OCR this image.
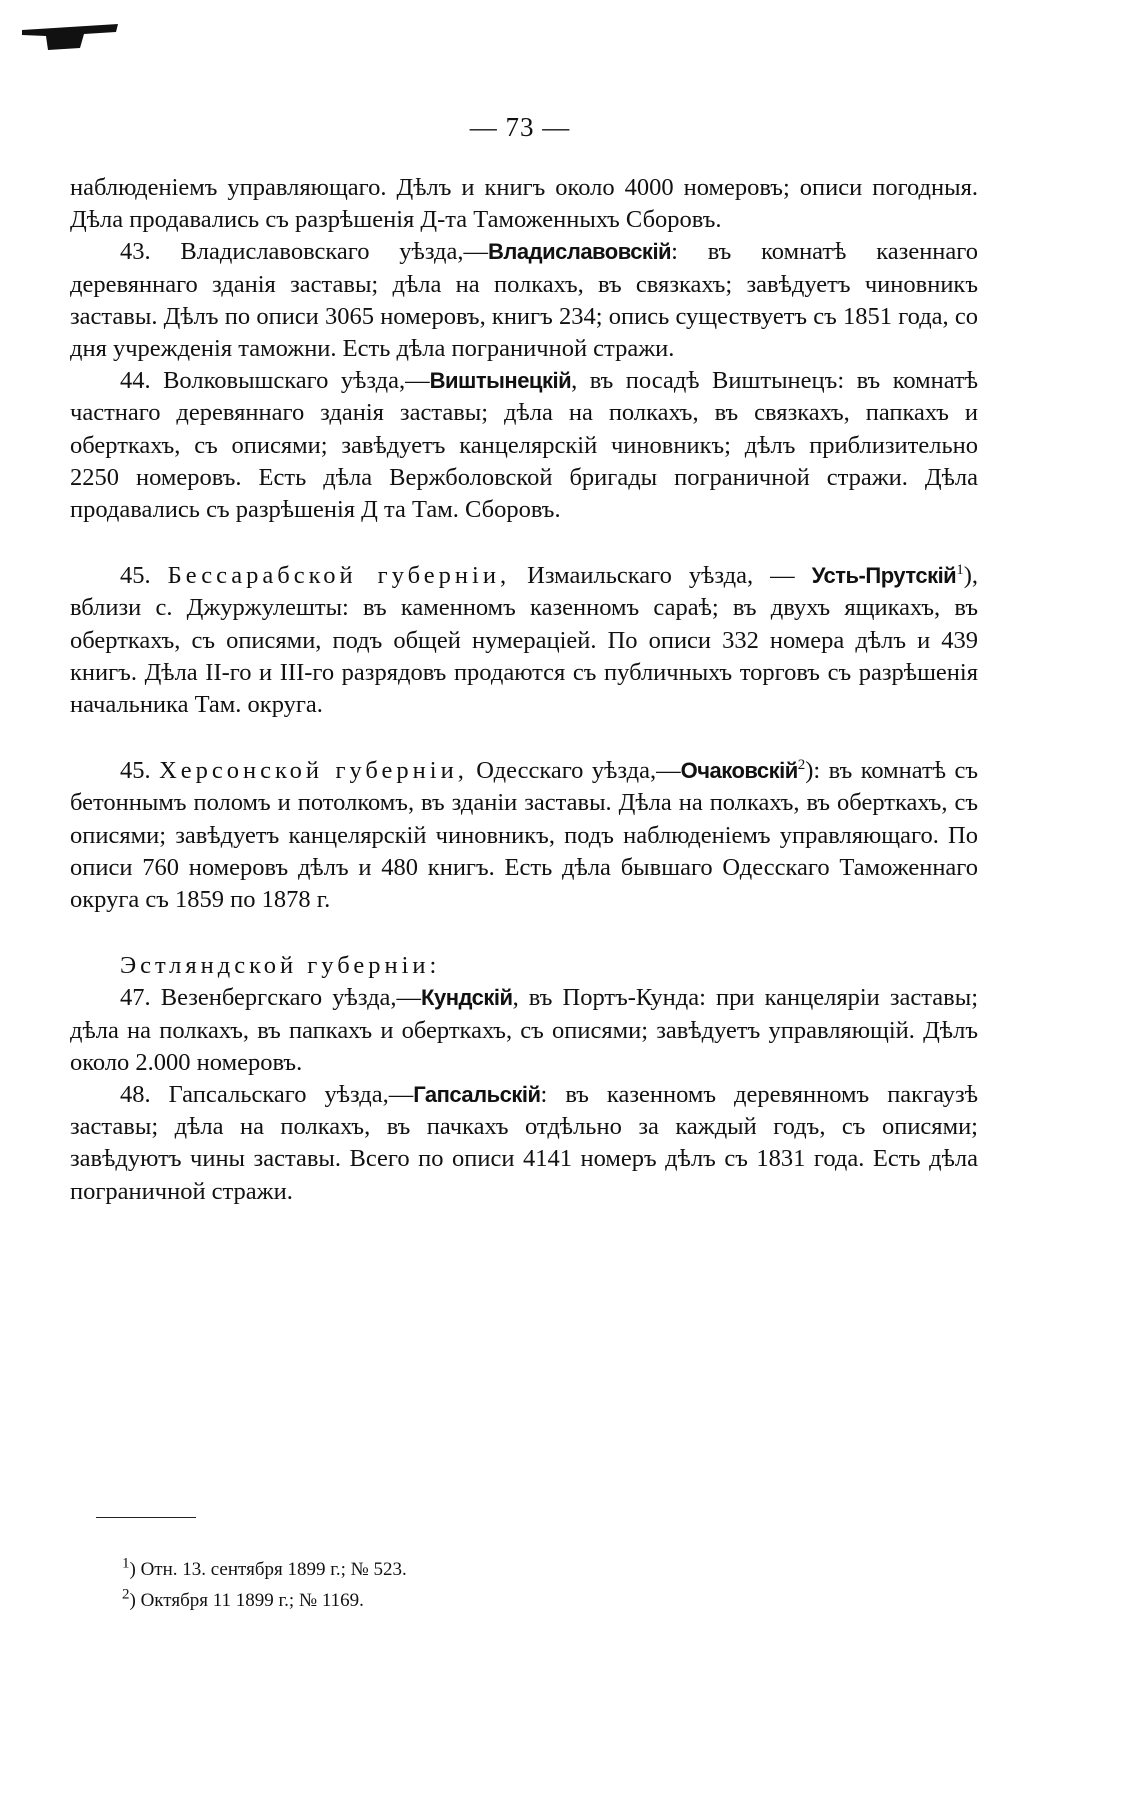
— 73 —

наблюденіемъ управляющаго. Дѣлъ и книгъ около 4000 номеровъ; описи погодныя. Дѣла продавались съ разрѣшенія Д-та Таможенныхъ Сборовъ.

43. Владиславовскаго уѣзда,—Владиславовскій: въ комнатѣ казеннаго деревяннаго зданія заставы; дѣла на полкахъ, въ связкахъ; завѣдуетъ чиновникъ заставы. Дѣлъ по описи 3065 номеровъ, книгъ 234; опись существуетъ съ 1851 года, со дня учрежденія таможни. Есть дѣла пограничной стражи.

44. Волковышскаго уѣзда,—Виштынецкій, въ посадѣ Виштынецъ: въ комнатѣ частнаго деревяннаго зданія заставы; дѣла на полкахъ, въ связкахъ, папкахъ и оберткахъ, съ описями; завѣдуетъ канцелярскій чиновникъ; дѣлъ приблизительно 2250 номеровъ. Есть дѣла Вержболовской бригады пограничной стражи. Дѣла продавались съ разрѣшенія Д та Там. Сборовъ.

45. Бессарабской губерніи, Измаильскаго уѣзда, — Усть-Прутскій$^1$), вблизи с. Джуржулешты: въ каменномъ казенномъ сараѣ; въ двухъ ящикахъ, въ оберткахъ, съ описями, подъ общей нумераціей. По описи 332 номера дѣлъ и 439 книгъ. Дѣла II-го и III-го разрядовъ продаются съ публичныхъ торговъ съ разрѣшенія начальника Там. округа.

45. Херсонской губерніи, Одесскаго уѣзда,—Очаковскій$^2$): въ комнатѣ съ бетоннымъ поломъ и потолкомъ, въ зданіи заставы. Дѣла на полкахъ, въ оберткахъ, съ описями; завѣдуетъ канцелярскій чиновникъ, подъ наблюденіемъ управляющаго. По описи 760 номеровъ дѣлъ и 480 книгъ. Есть дѣла бывшаго Одесскаго Таможеннаго округа съ 1859 по 1878 г.

Эстляндской губерніи:

47. Везенбергскаго уѣзда,—Кундскій, въ Портъ-Кунда: при канцеляріи заставы; дѣла на полкахъ, въ папкахъ и оберткахъ, съ описями; завѣдуетъ управляющій. Дѣлъ около 2.000 номеровъ.

48. Гапсальскаго уѣзда,—Гапсальскій: въ казенномъ деревянномъ пакгаузѣ заставы; дѣла на полкахъ, въ пачкахъ отдѣльно за каждый годъ, съ описями; завѣдуютъ чины заставы. Всего по описи 4141 номеръ дѣлъ съ 1831 года. Есть дѣла пограничной стражи.

$^1$) Отн. 13. сентября 1899 г.; № 523.
$^2$) Октября 11 1899 г.; № 1169.
